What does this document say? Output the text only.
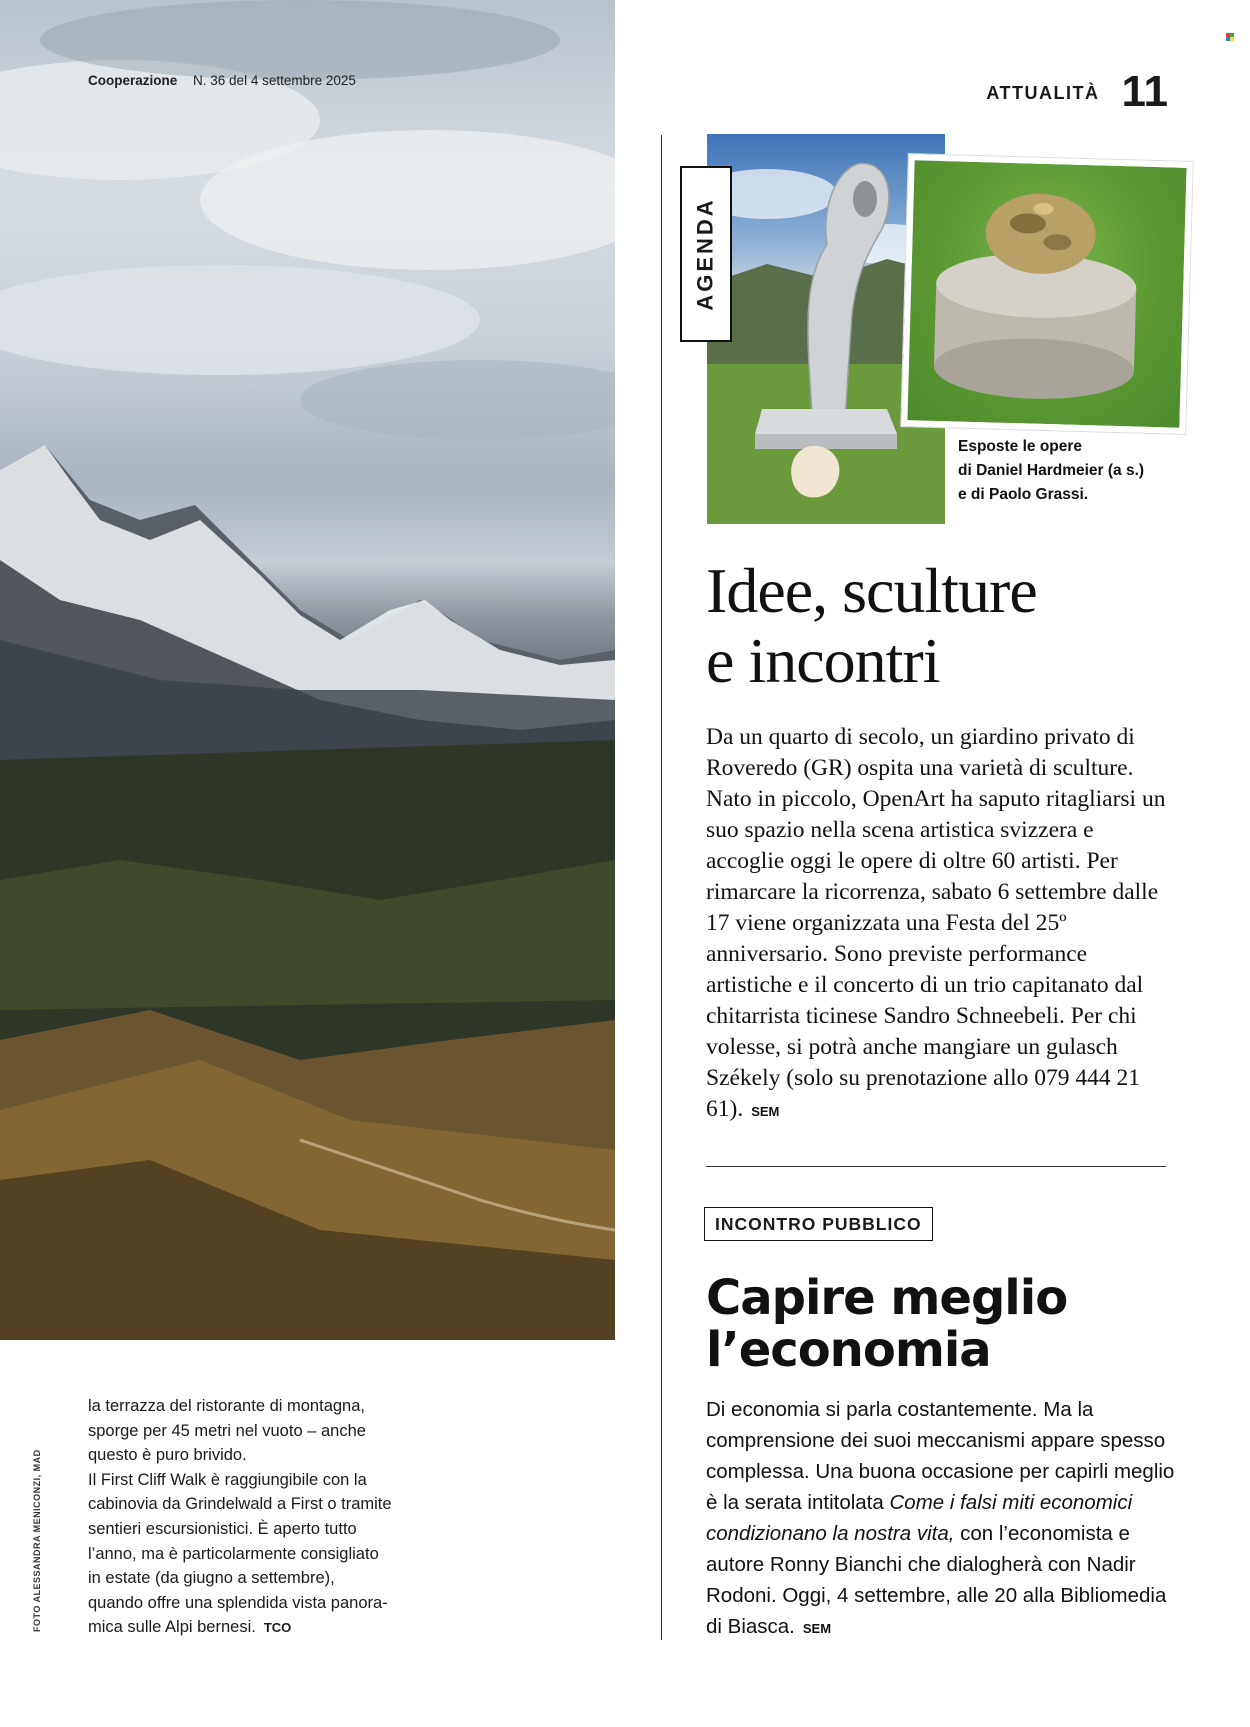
Cooperazione N. 36 del 4 settembre 2025
ATTUALITÀ 11
AGENDA
Esposte le opere
di Daniel Hardmeier (a s.)
e di Paolo Grassi.
Idee, sculture
e incontri
Da un quarto di secolo, un giardino privato di Roveredo (GR) ospita una varietà di sculture. Nato in piccolo, OpenArt ha saputo ritagliarsi un suo spazio nella scena artistica svizzera e accoglie oggi le opere di oltre 60 artisti. Per rimarcare la ricorrenza, sabato 6 settembre dalle 17 viene organizzata una Festa del 25º anniversario. Sono previste performance artistiche e il concerto di un trio capitanato dal chitarrista ticinese Sandro Schneebeli. Per chi volesse, si potrà anche mangiare un gulasch Székely (solo su prenotazione allo 079 444 21 61). SEM
INCONTRO PUBBLICO
Capire meglio
l’economia
Di economia si parla costantemente. Ma la comprensione dei suoi meccanismi appare spesso complessa. Una buona occasione per capirli meglio è la serata intitolata Come i falsi miti economici condizionano la nostra vita, con l’economista e autore Ronny Bianchi che dialogherà con Nadir Rodoni. Oggi, 4 settembre, alle 20 alla Bibliomedia di Biasca. SEM
la terrazza del ristorante di montagna,
sporge per 45 metri nel vuoto – anche
questo è puro brivido.
Il First Cliff Walk è raggiungibile con la
cabinovia da Grindelwald a First o tramite
sentieri escursionistici. È aperto tutto
l’anno, ma è particolarmente consigliato
in estate (da giugno a settembre),
quando offre una splendida vista panora-
mica sulle Alpi bernesi. TCO
FOTO ALESSANDRA MENICONZI, MAD
